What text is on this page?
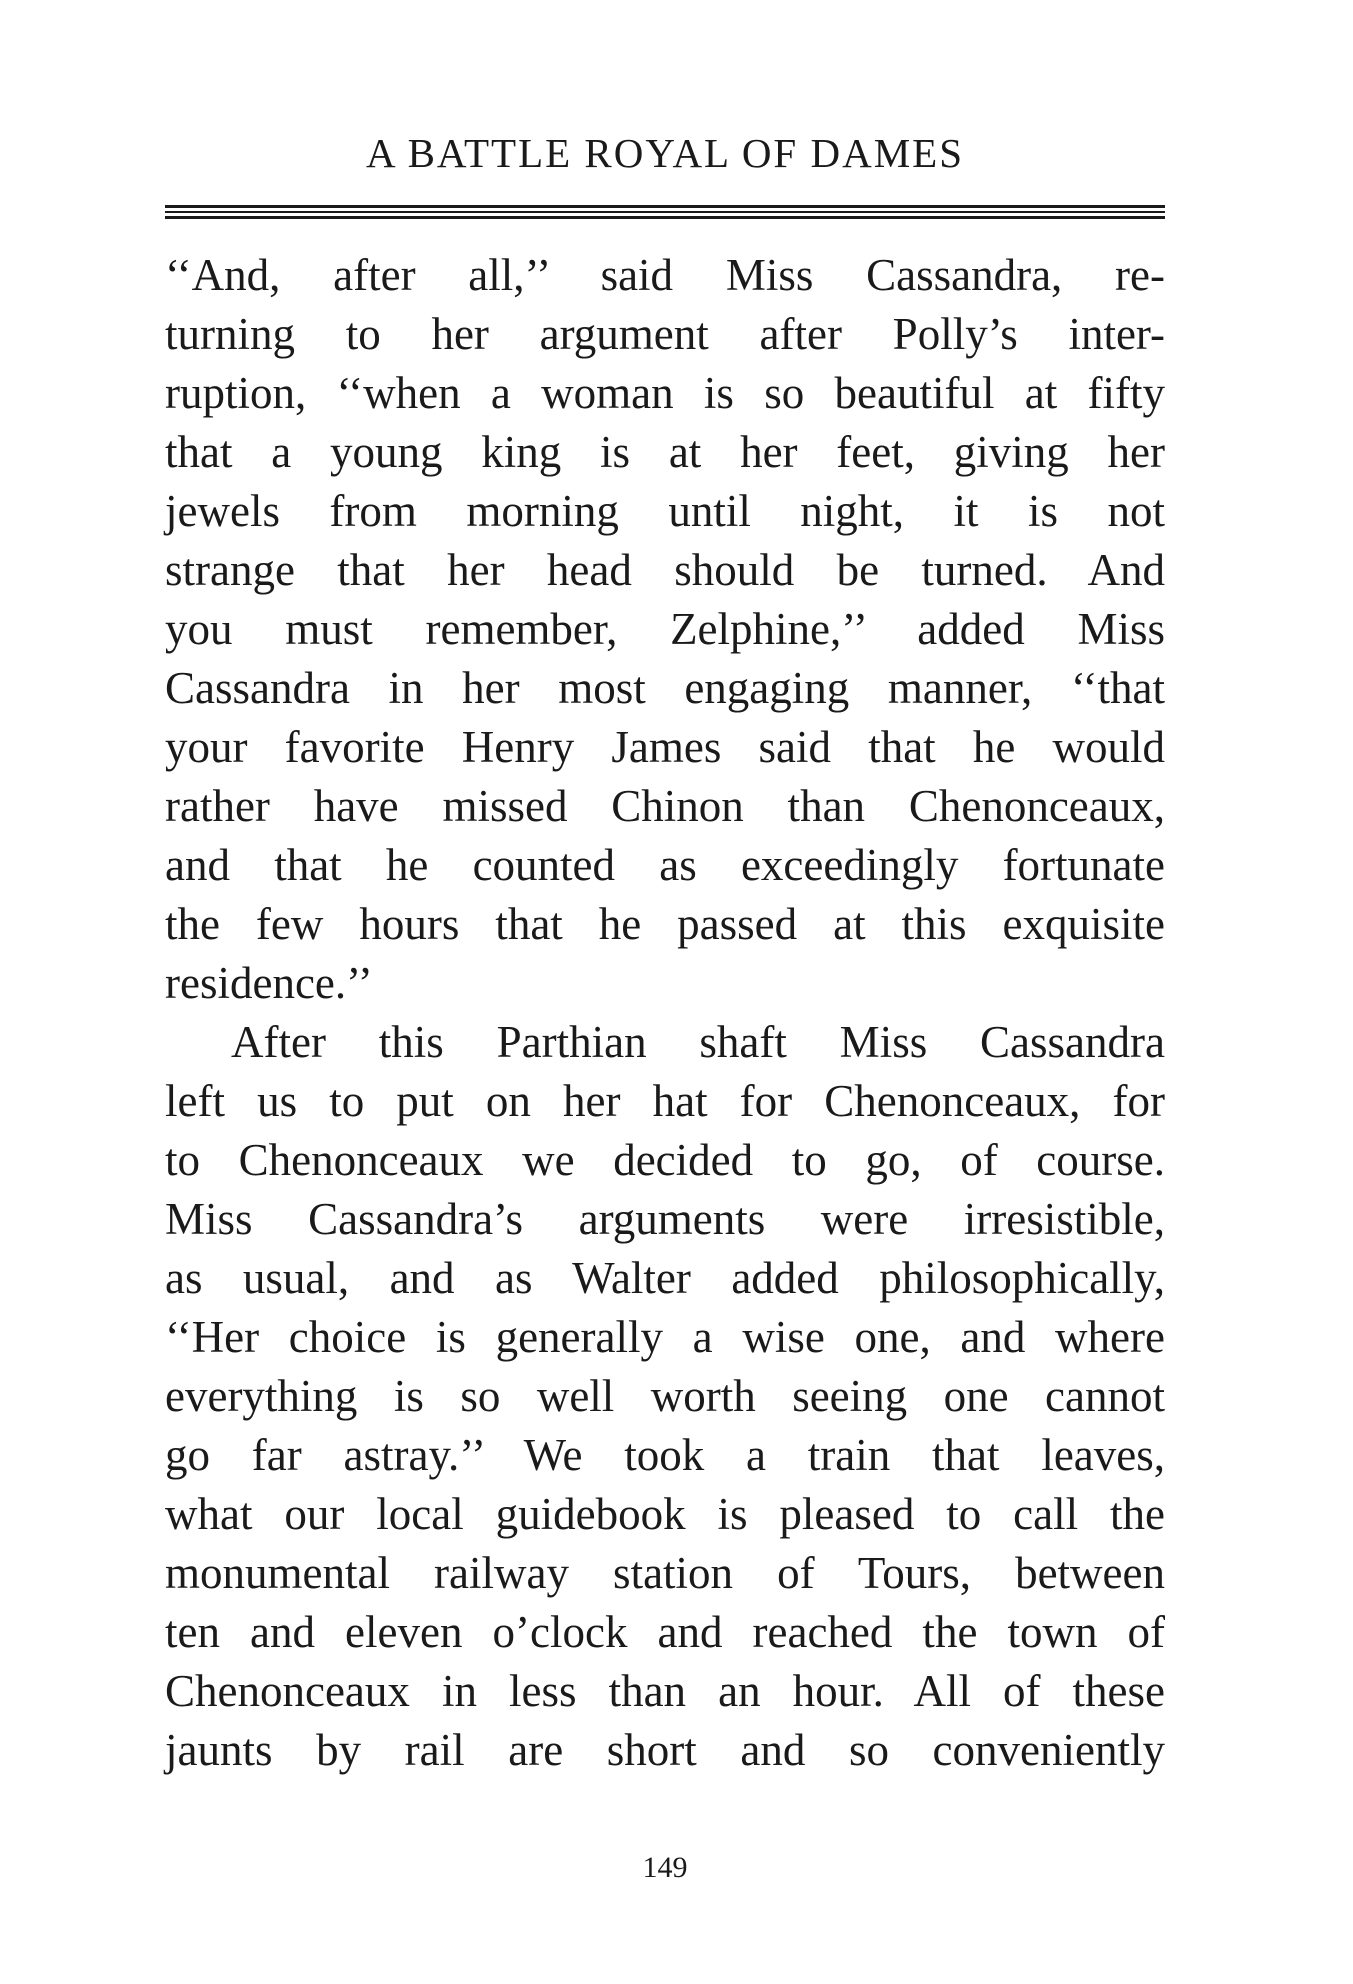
A BATTLE ROYAL OF DAMES
‘‘And, after all,’’ said Miss Cassandra, re-
turning to her argument after Polly’s inter-
ruption, ‘‘when a woman is so beautiful at fifty
that a young king is at her feet, giving her
jewels from morning until night, it is not
strange that her head should be turned. And
you must remember, Zelphine,’’ added Miss
Cassandra in her most engaging manner, ‘‘that
your favorite Henry James said that he would
rather have missed Chinon than Chenonceaux,
and that he counted as exceedingly fortunate
the few hours that he passed at this exquisite
residence.’’
After this Parthian shaft Miss Cassandra
left us to put on her hat for Chenonceaux, for
to Chenonceaux we decided to go, of course.
Miss Cassandra’s arguments were irresistible,
as usual, and as Walter added philosophically,
‘‘Her choice is generally a wise one, and where
everything is so well worth seeing one cannot
go far astray.’’ We took a train that leaves,
what our local guidebook is pleased to call the
monumental railway station of Tours, between
ten and eleven o’clock and reached the town of
Chenonceaux in less than an hour. All of these
jaunts by rail are short and so conveniently
149
